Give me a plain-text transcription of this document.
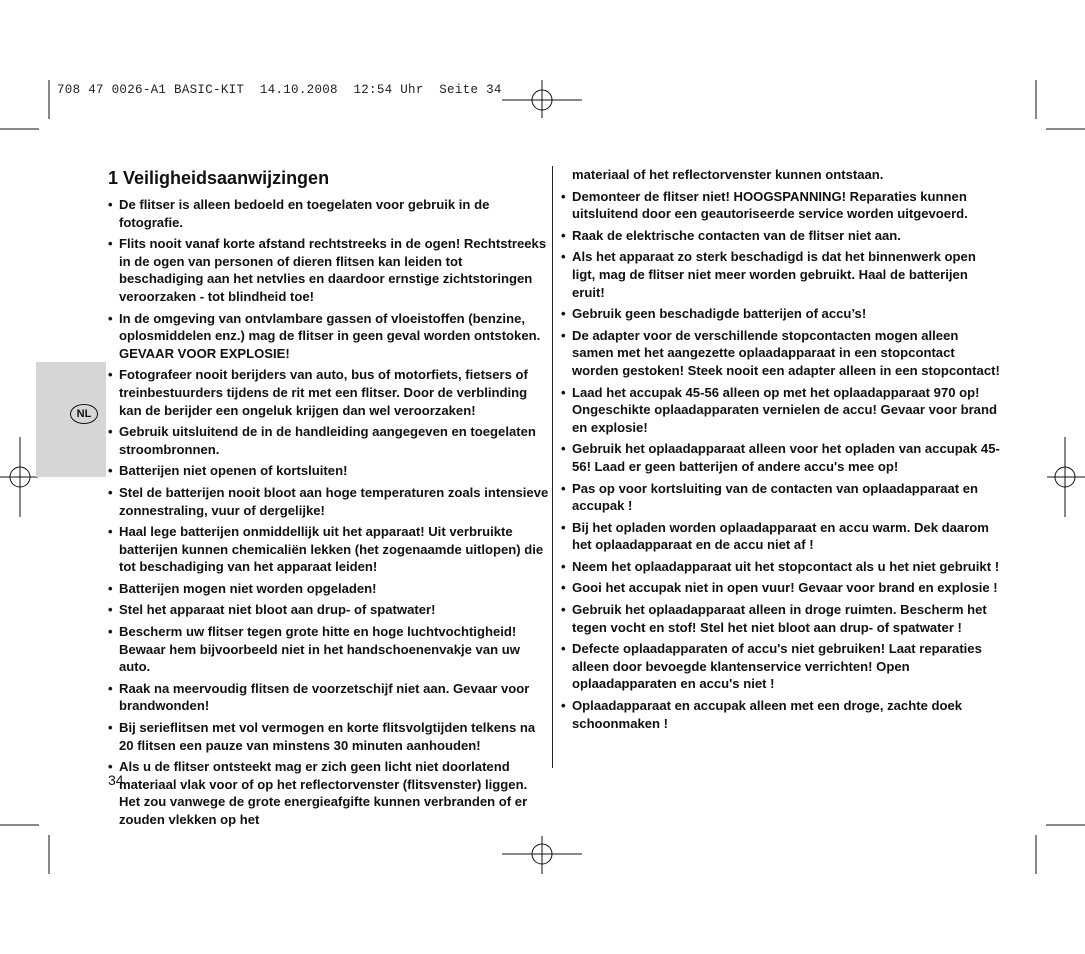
708 47 0026-A1 BASIC-KIT  14.10.2008  12:54 Uhr  Seite 34
NL
1 Veiligheidsaanwijzingen
• De flitser is alleen bedoeld en toegelaten voor gebruik in de fotografie.
• Flits nooit vanaf korte afstand rechtstreeks in de ogen! Rechtstreeks in de ogen van personen of dieren flitsen kan leiden tot beschadiging aan het netvlies en daardoor ernstige zichtstoringen veroorzaken - tot blindheid toe!
• In de omgeving van ontvlambare gassen of vloeistoffen (benzine, oplosmiddelen enz.) mag de flitser in geen geval worden ontstoken. GEVAAR VOOR EXPLOSIE!
• Fotografeer nooit berijders van auto, bus of motorfiets, fietsers of treinbestuurders tijdens de rit met een flitser. Door de verblinding kan de berijder een ongeluk krijgen dan wel veroorzaken!
• Gebruik uitsluitend de in de handleiding aangegeven en toegelaten stroombronnen.
• Batterijen niet openen of kortsluiten!
• Stel de batterijen nooit bloot aan hoge temperaturen zoals intensieve zonnestraling, vuur of dergelijke!
• Haal lege batterijen onmiddellijk uit het apparaat! Uit verbruikte batterijen kunnen chemicaliën lekken (het zogenaamde uitlopen) die tot beschadiging van het apparaat leiden!
• Batterijen mogen niet worden opgeladen!
• Stel het apparaat niet bloot aan drup- of spatwater!
• Bescherm uw flitser tegen grote hitte en hoge luchtvochtigheid! Bewaar hem bijvoorbeeld niet in het handschoenenvakje van uw auto.
• Raak na meervoudig flitsen de voorzetschijf niet aan. Gevaar voor brandwonden!
• Bij serieflitsen met vol vermogen en korte flitsvolgtijden telkens na 20 flitsen een pauze van minstens 30 minuten aanhouden!
• Als u de flitser ontsteekt mag er zich geen licht niet doorlatend materiaal vlak voor of op het reflectorvenster (flitsvenster) liggen. Het zou vanwege de grote energieafgifte kunnen verbranden of er zouden vlekken op het
materiaal of het reflectorvenster kunnen ontstaan.
• Demonteer de flitser niet! HOOGSPANNING! Reparaties kunnen uitsluitend door een geautoriseerde service worden uitgevoerd.
• Raak de elektrische contacten van de flitser niet aan.
• Als het apparaat zo sterk beschadigd is dat het binnenwerk open ligt, mag de flitser niet meer worden gebruikt. Haal de batterijen eruit!
• Gebruik geen beschadigde batterijen of accu’s!
• De adapter voor de verschillende stopcontacten mogen alleen samen met het aangezette oplaadapparaat in een stopcontact worden gestoken! Steek nooit een adapter alleen in een stopcontact!
• Laad het accupak 45-56 alleen op met het oplaadapparaat 970 op! Ongeschikte oplaadapparaten vernielen de accu! Gevaar voor brand en explosie!
• Gebruik het oplaadapparaat alleen voor het opladen van accupak 45-56! Laad er geen batterijen of andere accu's mee op!
• Pas op voor kortsluiting van de contacten van oplaadapparaat en accupak !
• Bij het opladen worden oplaadapparaat en accu warm. Dek daarom het oplaadapparaat en de accu niet af !
• Neem het oplaadapparaat uit het stopcontact als u het niet gebruikt !
• Gooi het accupak niet in open vuur! Gevaar voor brand en explosie !
• Gebruik het oplaadapparaat alleen in droge ruimten. Bescherm het tegen vocht en stof! Stel het niet bloot aan drup- of spatwater !
• Defecte oplaadapparaten of accu's niet gebruiken! Laat reparaties alleen door bevoegde klantenservice verrichten! Open oplaadapparaten en accu's niet !
• Oplaadapparaat en accupak alleen met een droge, zachte doek schoonmaken !
34
